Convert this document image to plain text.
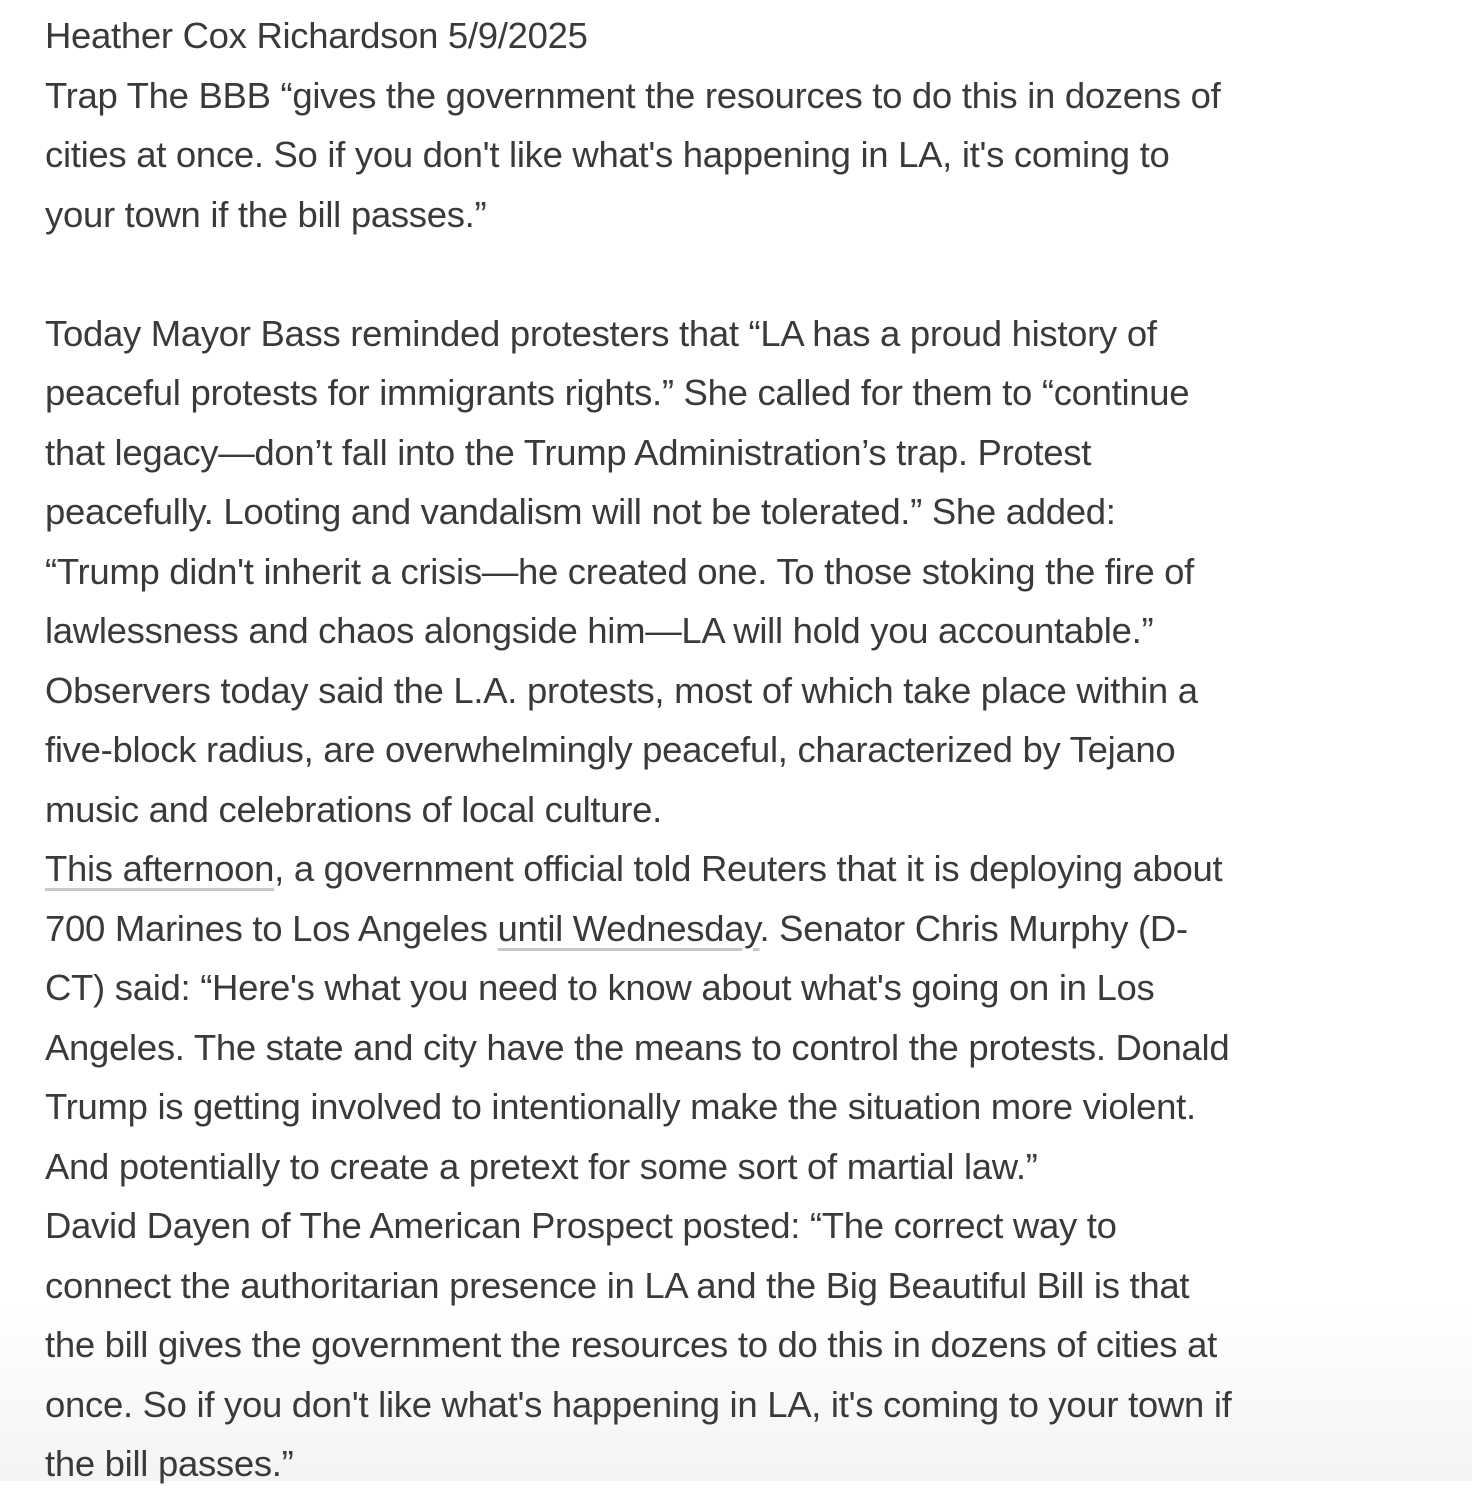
Heather Cox Richardson 5/9/2025
Trap The BBB “gives the government the resources to do this in dozens of
cities at once. So if you don't like what's happening in LA, it's coming to
your town if the bill passes.”
Today Mayor Bass reminded protesters that “LA has a proud history of
peaceful protests for immigrants rights.” She called for them to “continue
that legacy—don’t fall into the Trump Administration’s trap. Protest
peacefully. Looting and vandalism will not be tolerated.” She added:
“Trump didn't inherit a crisis—he created one. To those stoking the fire of
lawlessness and chaos alongside him—LA will hold you accountable.”
Observers today said the L.A. protests, most of which take place within a
five-block radius, are overwhelmingly peaceful, characterized by Tejano
music and celebrations of local culture.
This afternoon, a government official told Reuters that it is deploying about
700 Marines to Los Angeles until Wednesday. Senator Chris Murphy (D-
CT) said: “Here's what you need to know about what's going on in Los
Angeles. The state and city have the means to control the protests. Donald
Trump is getting involved to intentionally make the situation more violent.
And potentially to create a pretext for some sort of martial law.”
David Dayen of The American Prospect posted: “The correct way to
connect the authoritarian presence in LA and the Big Beautiful Bill is that
the bill gives the government the resources to do this in dozens of cities at
once. So if you don't like what's happening in LA, it's coming to your town if
the bill passes.”
